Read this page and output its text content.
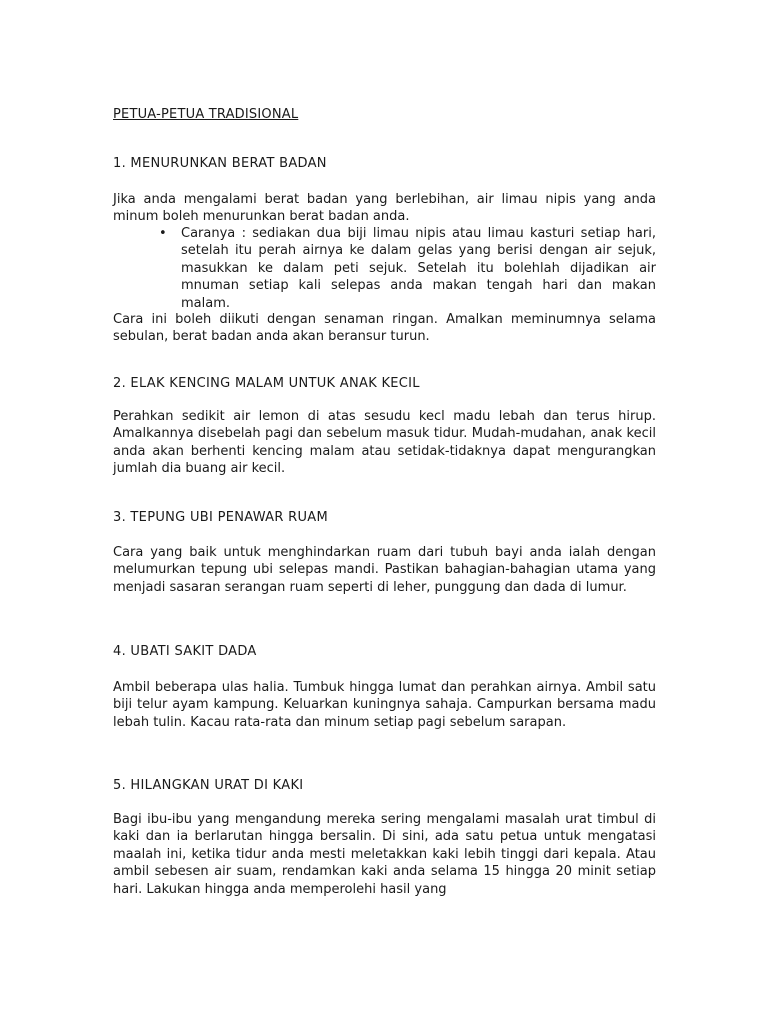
PETUA-PETUA TRADISIONAL
1. MENURUNKAN BERAT BADAN

Jika anda mengalami berat badan yang berlebihan, air limau nipis yang anda minum boleh menurunkan berat badan anda.

• Caranya : sediakan dua biji limau nipis atau limau kasturi setiap hari, setelah itu perah airnya ke dalam gelas yang berisi dengan air sejuk, masukkan ke dalam peti sejuk. Setelah itu bolehlah dijadikan air mnuman setiap kali selepas anda makan tengah hari dan makan malam.

Cara ini boleh diikuti dengan senaman ringan. Amalkan meminumnya selama sebulan, berat badan anda akan beransur turun.

2. ELAK KENCING MALAM UNTUK ANAK KECIL

Perahkan sedikit air lemon di atas sesudu kecl madu lebah dan terus hirup. Amalkannya disebelah pagi dan sebelum masuk tidur. Mudah-mudahan, anak kecil anda akan berhenti kencing malam atau setidak-tidaknya dapat mengurangkan jumlah dia buang air kecil.

3. TEPUNG UBI PENAWAR RUAM

Cara yang baik untuk menghindarkan ruam dari tubuh bayi anda ialah dengan melumurkan tepung ubi selepas mandi. Pastikan bahagian-bahagian utama yang menjadi sasaran serangan ruam seperti di leher, punggung dan dada di lumur.

4. UBATI SAKIT DADA

Ambil beberapa ulas halia. Tumbuk hingga lumat dan perahkan airnya. Ambil satu biji telur ayam kampung. Keluarkan kuningnya sahaja. Campurkan bersama madu lebah tulin. Kacau rata-rata dan minum setiap pagi sebelum sarapan.

5. HILANGKAN URAT DI KAKI

Bagi ibu-ibu yang mengandung mereka sering mengalami masalah urat timbul di kaki dan ia berlarutan hingga bersalin. Di sini, ada satu petua untuk mengatasi maalah ini, ketika tidur anda mesti meletakkan kaki lebih tinggi dari kepala. Atau ambil sebesen air suam, rendamkan kaki anda selama 15 hingga 20 minit setiap hari. Lakukan hingga anda memperolehi hasil yang
